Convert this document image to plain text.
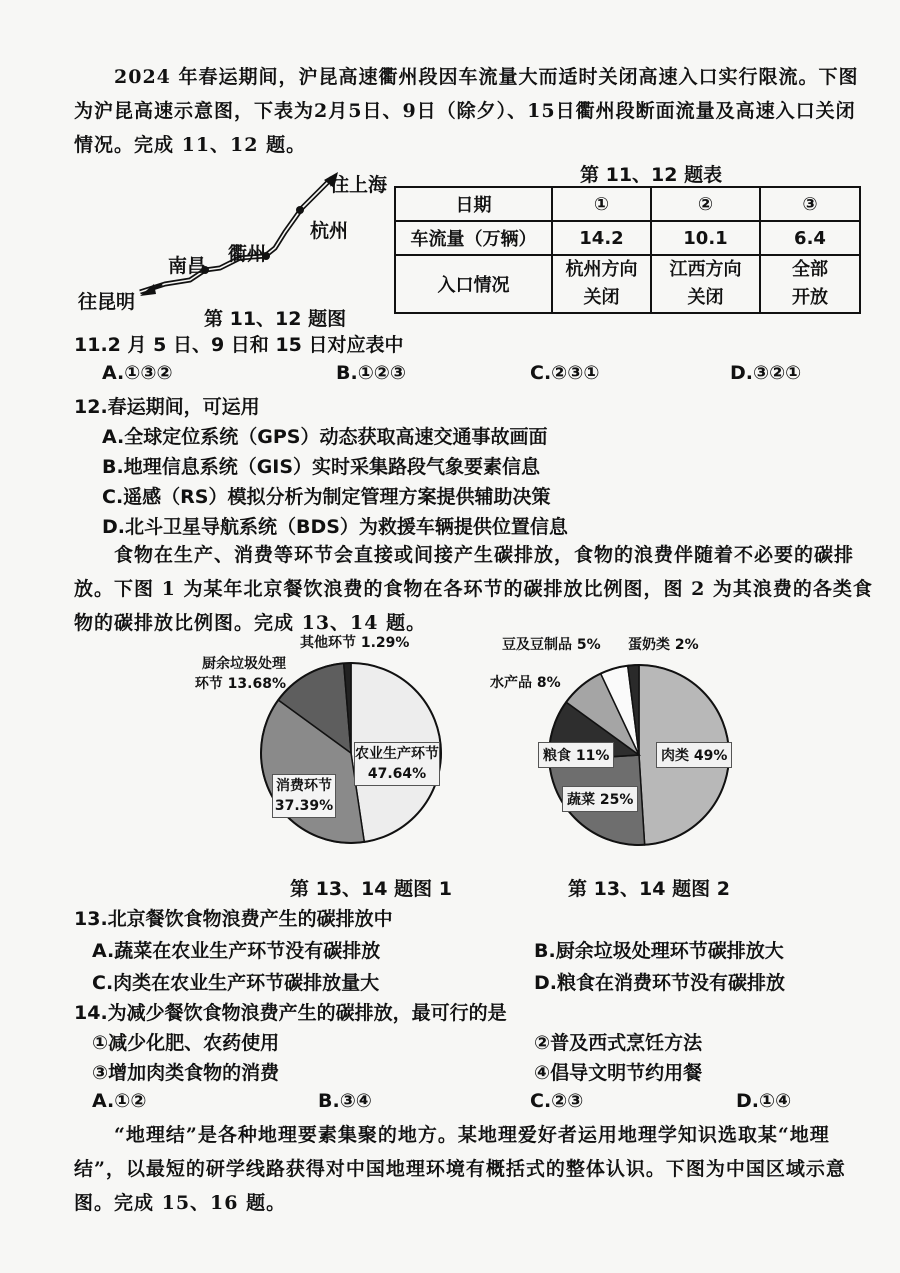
2024 年春运期间，沪昆高速衢州段因车流量大而适时关闭高速入口实行限流。下图为沪昆高速示意图，下表为2月5日、9日（除夕）、15日衢州段断面流量及高速入口关闭情况。完成 11、12 题。
往上海
杭州
衢州
南昌
往昆明
第 11、12 题图
第 11、12 题表
日期	①	②	③
车流量（万辆）	14.2	10.1	6.4
入口情况	杭州方向关闭	江西方向关闭	全部开放
11.2 月 5 日、9 日和 15 日对应表中
A.①③②	B.①②③	C.②③①	D.③②①
12.春运期间，可运用
A.全球定位系统（GPS）动态获取高速交通事故画面
B.地理信息系统（GIS）实时采集路段气象要素信息
C.遥感（RS）模拟分析为制定管理方案提供辅助决策
D.北斗卫星导航系统（BDS）为救援车辆提供位置信息
食物在生产、消费等环节会直接或间接产生碳排放，食物的浪费伴随着不必要的碳排放。下图 1 为某年北京餐饮浪费的食物在各环节的碳排放比例图，图 2 为其浪费的各类食物的碳排放比例图。完成 13、14 题。
其他环节 1.29%
厨余垃圾处理 环节 13.68%
农业生产环节 47.64%
消费环节 37.39%
第 13、14 题图 1
豆及豆制品 5% 蛋奶类 2%
水产品 8%
肉类 49%
粮食 11%
蔬菜 25%
第 13、14 题图 2
13.北京餐饮食物浪费产生的碳排放中
A.蔬菜在农业生产环节没有碳排放	B.厨余垃圾处理环节碳排放大
C.肉类在农业生产环节碳排放量大	D.粮食在消费环节没有碳排放
14.为减少餐饮食物浪费产生的碳排放，最可行的是
①减少化肥、农药使用	②普及西式烹饪方法
③增加肉类食物的消费	④倡导文明节约用餐
A.①②	B.③④	C.②③	D.①④
“地理结”是各种地理要素集聚的地方。某地理爱好者运用地理学知识选取某“地理结”，以最短的研学线路获得对中国地理环境有概括式的整体认识。下图为中国区域示意图。完成 15、16 题。
